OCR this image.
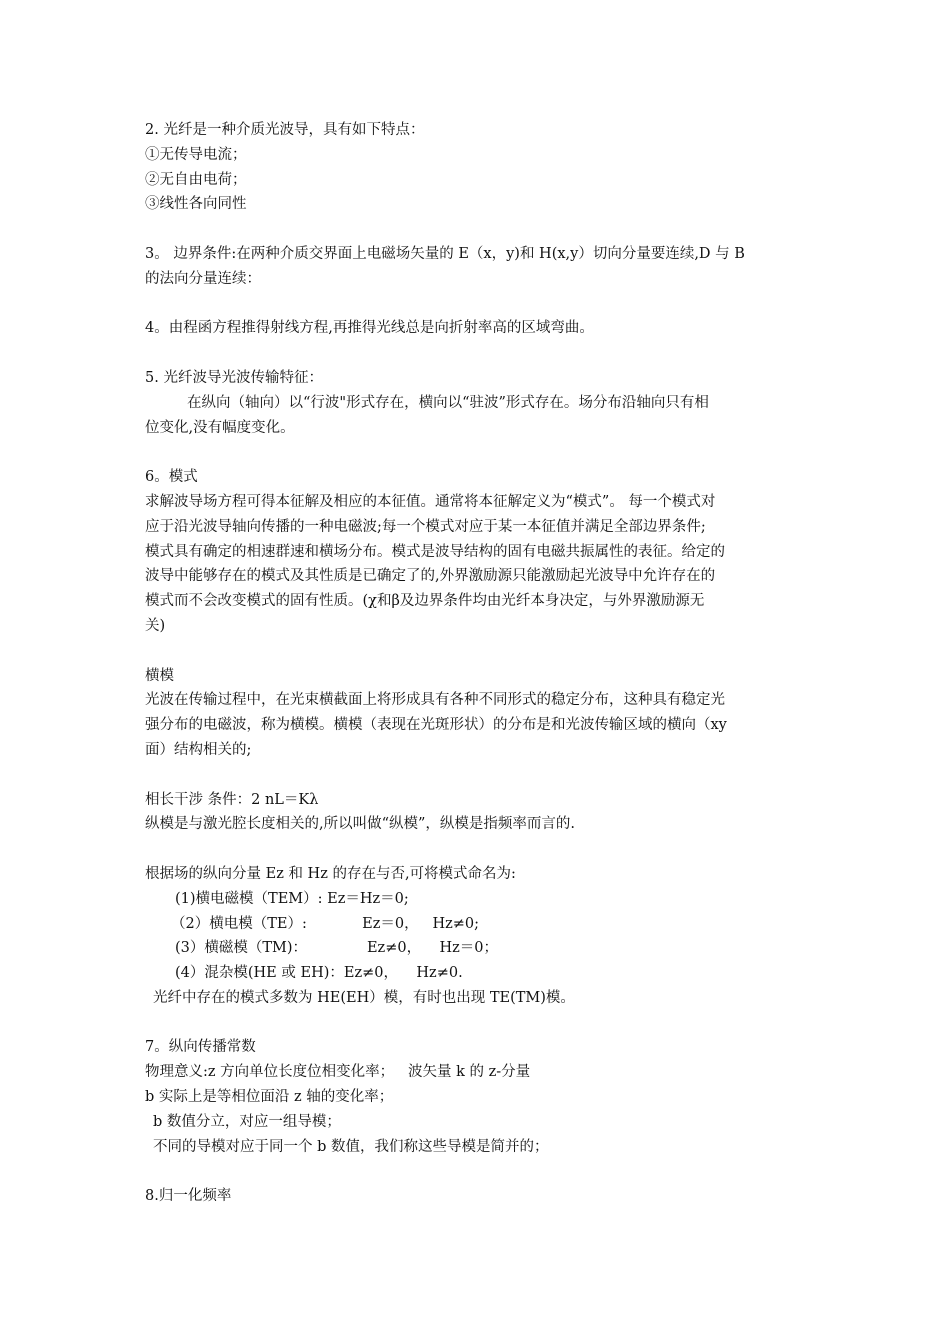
2. 光纤是一种介质光波导，具有如下特点：
①无传导电流；
②无自由电荷；
③线性各向同性
3。 边界条件:在两种介质交界面上电磁场矢量的 E（x，y)和 H(x,y）切向分量要连续,D 与 B
的法向分量连续：
4。由程函方程推得射线方程,再推得光线总是向折射率高的区域弯曲。
5. 光纤波导光波传输特征：
在纵向（轴向）以“行波"形式存在，横向以“驻波”形式存在。场分布沿轴向只有相
位变化,没有幅度变化。
6。模式
求解波导场方程可得本征解及相应的本征值。通常将本征解定义为“模式”。 每一个模式对
应于沿光波导轴向传播的一种电磁波;每一个模式对应于某一本征值并满足全部边界条件;
模式具有确定的相速群速和横场分布。模式是波导结构的固有电磁共振属性的表征。给定的
波导中能够存在的模式及其性质是已确定了的,外界激励源只能激励起光波导中允许存在的
模式而不会改变模式的固有性质。(χ和β及边界条件均由光纤本身决定，与外界激励源无
关)
横模
光波在传输过程中，在光束横截面上将形成具有各种不同形式的稳定分布，这种具有稳定光
强分布的电磁波，称为横模。横模（表现在光斑形状）的分布是和光波传输区域的横向（xy
面）结构相关的;
相长干涉 条件：2 nL＝Kλ
纵模是与激光腔长度相关的,所以叫做“纵模”，纵模是指频率而言的.
根据场的纵向分量 Ez 和 Hz 的存在与否,可将模式命名为:
(1)横电磁模（TEM）: Ez＝Hz＝0;
（2）横电模（TE）:            Ez＝0，   Hz≠0;
(3）横磁模（TM)：             Ez≠0，    Hz＝0；
(4）混杂模(HE 或 EH)：Ez≠0，    Hz≠0.
光纤中存在的模式多数为 HE(EH）模，有时也出现 TE(TM)模。
7。纵向传播常数
物理意义:z 方向单位长度位相变化率；   波矢量 k 的 z-分量
b 实际上是等相位面沿 z 轴的变化率；
b 数值分立，对应一组导模；
不同的导模对应于同一个 b 数值，我们称这些导模是简并的；
8.归一化频率
